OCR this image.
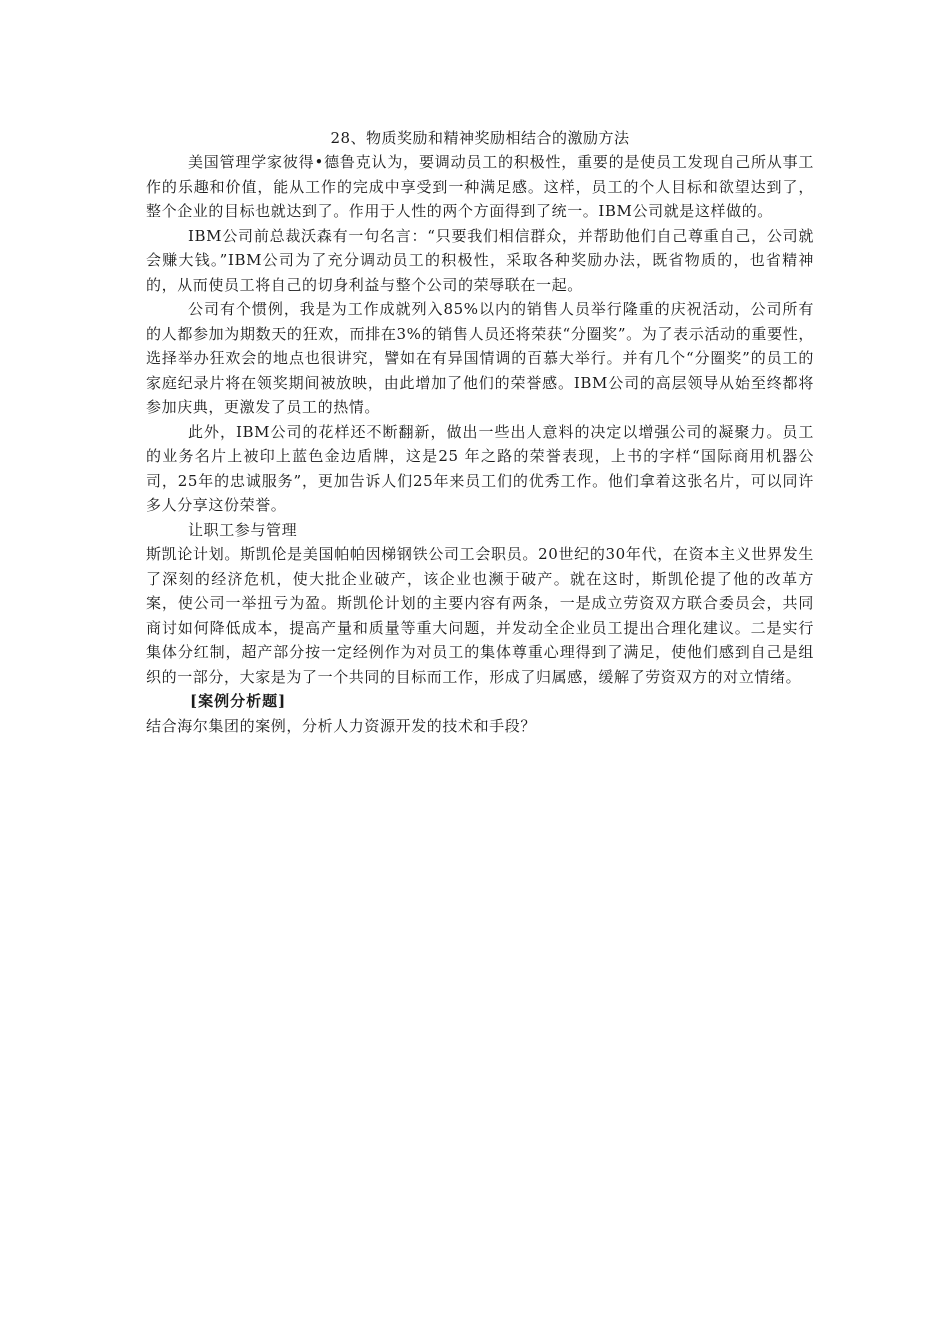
28、物质奖励和精神奖励相结合的激励方法

美国管理学家彼得•德鲁克认为，要调动员工的积极性，重要的是使员工发现自己所从事工作的乐趣和价值，能从工作的完成中享受到一种满足感。这样，员工的个人目标和欲望达到了，整个企业的目标也就达到了。作用于人性的两个方面得到了统一。IBM公司就是这样做的。

IBM公司前总裁沃森有一句名言：“只要我们相信群众，并帮助他们自己尊重自己，公司就会赚大钱。”IBM公司为了充分调动员工的积极性，采取各种奖励办法，既省物质的，也省精神的，从而使员工将自己的切身利益与整个公司的荣辱联在一起。

公司有个惯例，我是为工作成就列入85%以内的销售人员举行隆重的庆祝活动，公司所有的人都参加为期数天的狂欢，而排在3%的销售人员还将荣获“分圈奖”。为了表示活动的重要性，选择举办狂欢会的地点也很讲究，譬如在有异国情调的百慕大举行。并有几个“分圈奖”的员工的家庭纪录片将在领奖期间被放映，由此增加了他们的荣誉感。IBM公司的高层领导从始至终都将参加庆典，更激发了员工的热情。

此外，IBM公司的花样还不断翻新，做出一些出人意料的决定以增强公司的凝聚力。员工的业务名片上被印上蓝色金边盾牌，这是25 年之路的荣誉表现，上书的字样“国际商用机器公司，25年的忠诚服务”，更加告诉人们25年来员工们的优秀工作。他们拿着这张名片，可以同许多人分享这份荣誉。

让职工参与管理

斯凯论计划。斯凯伦是美国帕帕因梯钢铁公司工会职员。20世纪的30年代，在资本主义世界发生了深刻的经济危机，使大批企业破产，该企业也濒于破产。就在这时，斯凯伦提了他的改革方案，使公司一举扭亏为盈。斯凯伦计划的主要内容有两条，一是成立劳资双方联合委员会，共同商讨如何降低成本，提高产量和质量等重大问题，并发动全企业员工提出合理化建议。二是实行集体分红制，超产部分按一定经例作为对员工的集体尊重心理得到了满足，使他们感到自己是组织的一部分，大家是为了一个共同的目标而工作，形成了归属感，缓解了劳资双方的对立情绪。

[案例分析题]

结合海尔集团的案例，分析人力资源开发的技术和手段？
